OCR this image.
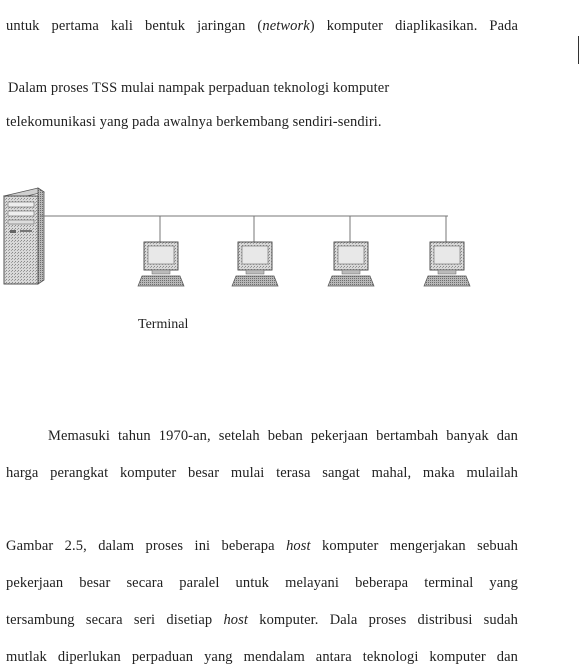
untuk pertama kali bentuk jaringan (network) komputer diaplikasikan. Pada
Dalam proses TSS mulai nampak perpaduan teknologi komputer
telekomunikasi yang pada awalnya berkembang sendiri-sendiri.
Terminal
Memasuki tahun 1970-an, setelah beban pekerjaan bertambah banyak dan
harga perangkat komputer besar mulai terasa sangat mahal, maka mulailah
Gambar 2.5, dalam proses ini beberapa host komputer mengerjakan sebuah
pekerjaan besar secara paralel untuk melayani beberapa terminal yang
tersambung secara seri disetiap host komputer. Dala proses distribusi sudah
mutlak diperlukan perpaduan yang mendalam antara teknologi komputer dan
